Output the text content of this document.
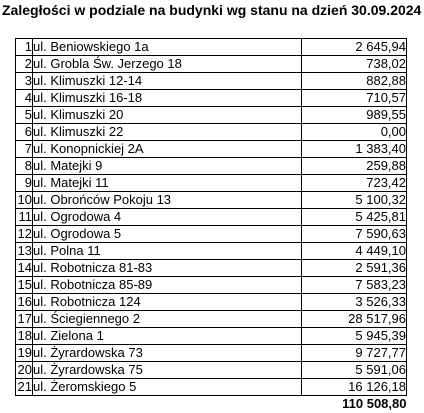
Zaległości w podziale na budynki wg stanu na dzień 30.09.2024
1	ul. Beniowskiego 1a	2 645,94
2	ul. Grobla Św. Jerzego 18	738,02
3	ul. Klimuszki 12-14	882,88
4	ul. Klimuszki 16-18	710,57
5	ul. Klimuszki 20	989,55
6	ul. Klimuszki 22	0,00
7	ul. Konopnickiej 2A	1 383,40
8	ul. Matejki 9	259,88
9	ul. Matejki 11	723,42
10	ul. Obrońców Pokoju 13	5 100,32
11	ul. Ogrodowa 4	5 425,81
12	ul. Ogrodowa 5	7 590,63
13	ul. Polna 11	4 449,10
14	ul. Robotnicza 81-83	2 591,36
15	ul. Robotnicza 85-89	7 583,23
16	ul. Robotnicza 124	3 526,33
17	ul. Ściegiennego 2	28 517,96
18	ul. Zielona 1	5 945,39
19	ul. Żyrardowska 73	9 727,77
20	ul. Żyrardowska 75	5 591,06
21	ul. Żeromskiego 5	16 126,18
		110 508,80
